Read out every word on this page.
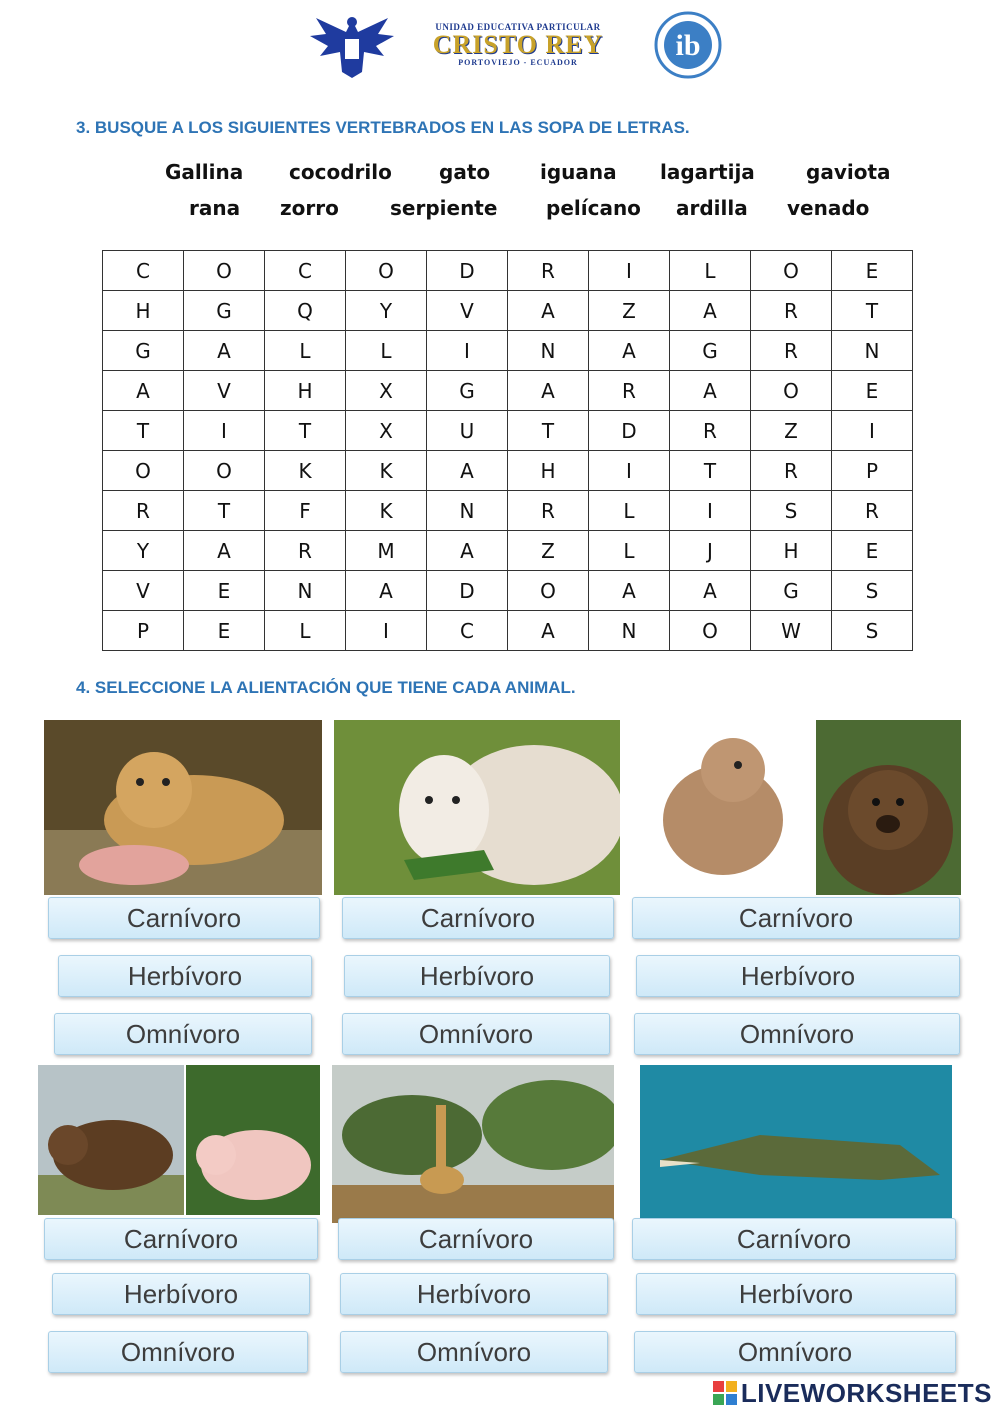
UNIDAD EDUCATIVA PARTICULAR
CRISTO REY
PORTOVIEJO - ECUADOR
ib
3. BUSQUE A LOS SIGUIENTES VERTEBRADOS EN LAS SOPA DE LETRAS.
Gallina cocodrilo gato iguana lagartija	gaviota
rana zorro	serpiente pelícano ardilla venado
C	O	C	O	D	R	I	L	O	E
H	G	Q	Y	V	A	Z	A	R	T
G	A	L	L	I	N	A	G	R	N
A	V	H	X	G	A	R	A	O	E
T	I	T	X	U	T	D	R	Z	I
O	O	K	K	A	H	I	T	R	P
R	T	F	K	N	R	L	I	S	R
Y	A	R	M	A	Z	L	J	H	E
V	E	N	A	D	O	A	A	G	S
P	E	L	I	C	A	N	O	W	S
4. SELECCIONE LA ALIENTACIÓN QUE TIENE CADA ANIMAL.
Carnívoro
Herbívoro
Omnívoro
Carnívoro
Herbívoro
Omnívoro
Carnívoro
Herbívoro
Omnívoro
Carnívoro
Herbívoro
Omnívoro
Carnívoro
Herbívoro
Omnívoro
Carnívoro
Herbívoro
Omnívoro
LIVEWORKSHEETS
